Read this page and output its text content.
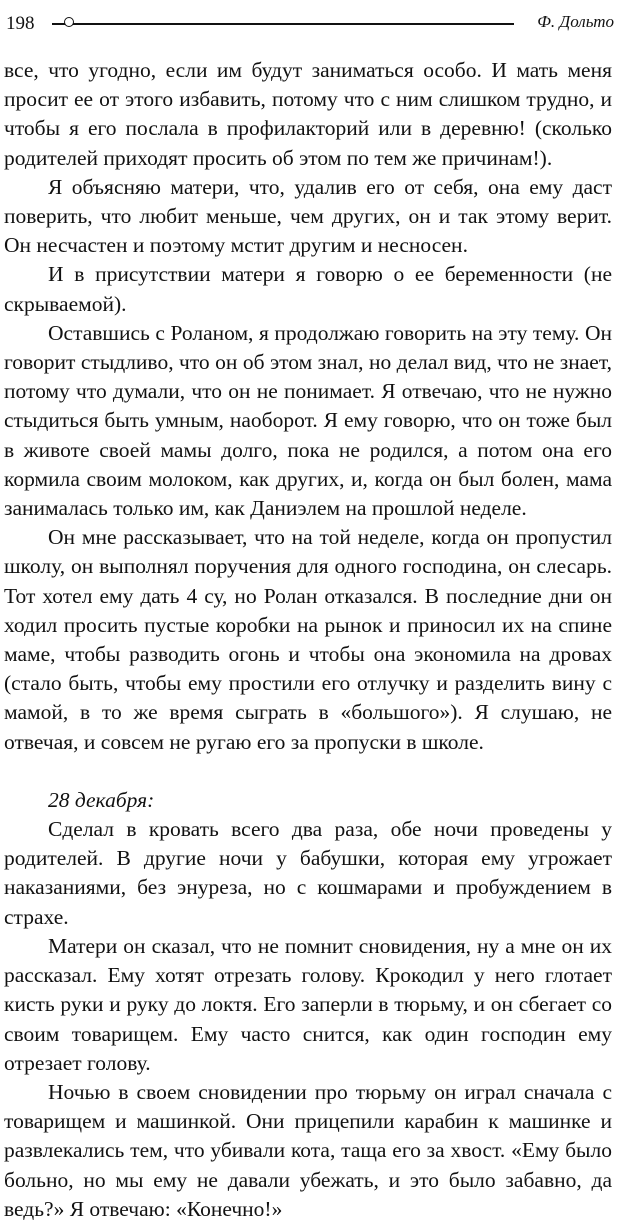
198	Ф. Дольто

все, что угодно, если им будут заниматься особо. И мать меня просит ее от этого избавить, потому что с ним слишком трудно, и чтобы я его послала в профилакторий или в деревню! (сколько родителей приходят просить об этом по тем же причинам!).

Я объясняю матери, что, удалив его от себя, она ему даст поверить, что любит меньше, чем других, он и так этому верит. Он несчастен и поэтому мстит другим и несносен.

И в присутствии матери я говорю о ее беременности (не скрываемой).

Оставшись с Роланом, я продолжаю говорить на эту тему. Он говорит стыдливо, что он об этом знал, но делал вид, что не знает, потому что думали, что он не понимает. Я отвечаю, что не нужно стыдиться быть умным, наоборот. Я ему говорю, что он тоже был в животе своей мамы долго, пока не родился, а потом она его кормила своим молоком, как других, и, когда он был болен, мама занималась только им, как Даниэлем на прошлой неделе.

Он мне рассказывает, что на той неделе, когда он пропустил школу, он выполнял поручения для одного господина, он слесарь. Тот хотел ему дать 4 су, но Ролан отказался. В последние дни он ходил просить пустые коробки на рынок и приносил их на спине маме, чтобы разводить огонь и чтобы она экономила на дровах (стало быть, чтобы ему простили его отлучку и разделить вину с мамой, в то же время сыграть в «большого»). Я слушаю, не отвечая, и совсем не ругаю его за пропуски в школе.

28 декабря:

Сделал в кровать всего два раза, обе ночи проведены у родителей. В другие ночи у бабушки, которая ему угрожает наказаниями, без энуреза, но с кошмарами и пробуждением в страхе.

Матери он сказал, что не помнит сновидения, ну а мне он их рассказал. Ему хотят отрезать голову. Крокодил у него глотает кисть руки и руку до локтя. Его заперли в тюрьму, и он сбегает со своим товарищем. Ему часто снится, как один господин ему отрезает голову.

Ночью в своем сновидении про тюрьму он играл сначала с товарищем и машинкой. Они прицепили карабин к машинке и развлекались тем, что убивали кота, таща его за хвост. «Ему было больно, но мы ему не давали убежать, и это было забавно, да ведь?» Я отвечаю: «Конечно!»
